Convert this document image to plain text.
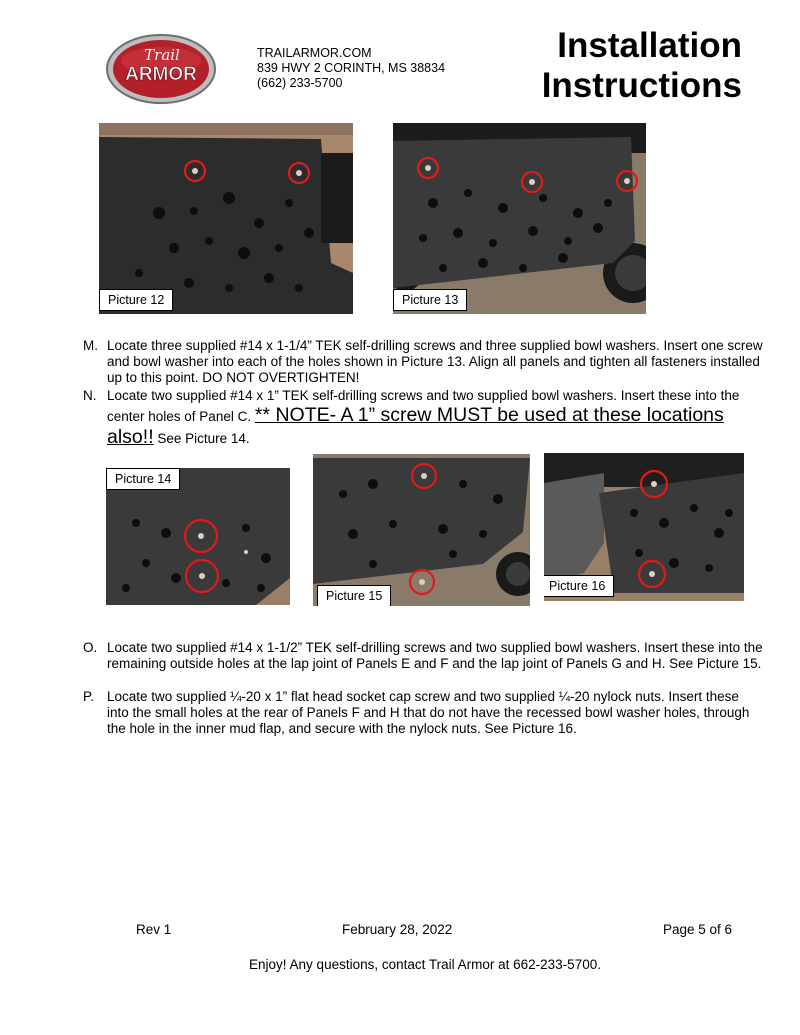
Trail
ARMOR
TRAILARMOR.COM
839 HWY 2 CORINTH, MS 38834
(662) 233-5700
Installation
Instructions
Picture 12	Picture 13
M. Locate three supplied #14 x 1-1/4” TEK self-drilling screws and three supplied bowl washers. Insert one screw and bowl washer into each of the holes shown in Picture 13. Align all panels and tighten all fasteners installed up to this point. DO NOT OVERTIGHTEN!
N. Locate two supplied #14 x 1” TEK self-drilling screws and two supplied bowl washers. Insert these into the center holes of Panel C. ** NOTE- A 1” screw MUST be used at these locations also!! See Picture 14.
Picture 14
Picture 15
Picture 16
O. Locate two supplied #14 x 1-1/2” TEK self-drilling screws and two supplied bowl washers. Insert these into the remaining outside holes at the lap joint of Panels E and F and the lap joint of Panels G and H. See Picture 15.
P. Locate two supplied ¼-20 x 1” flat head socket cap screw and two supplied ¼-20 nylock nuts. Insert these into the small holes at the rear of Panels F and H that do not have the recessed bowl washer holes, through the hole in the inner mud flap, and secure with the nylock nuts. See Picture 16.
Rev 1	February 28, 2022	Page 5 of 6
Enjoy! Any questions, contact Trail Armor at 662-233-5700.
